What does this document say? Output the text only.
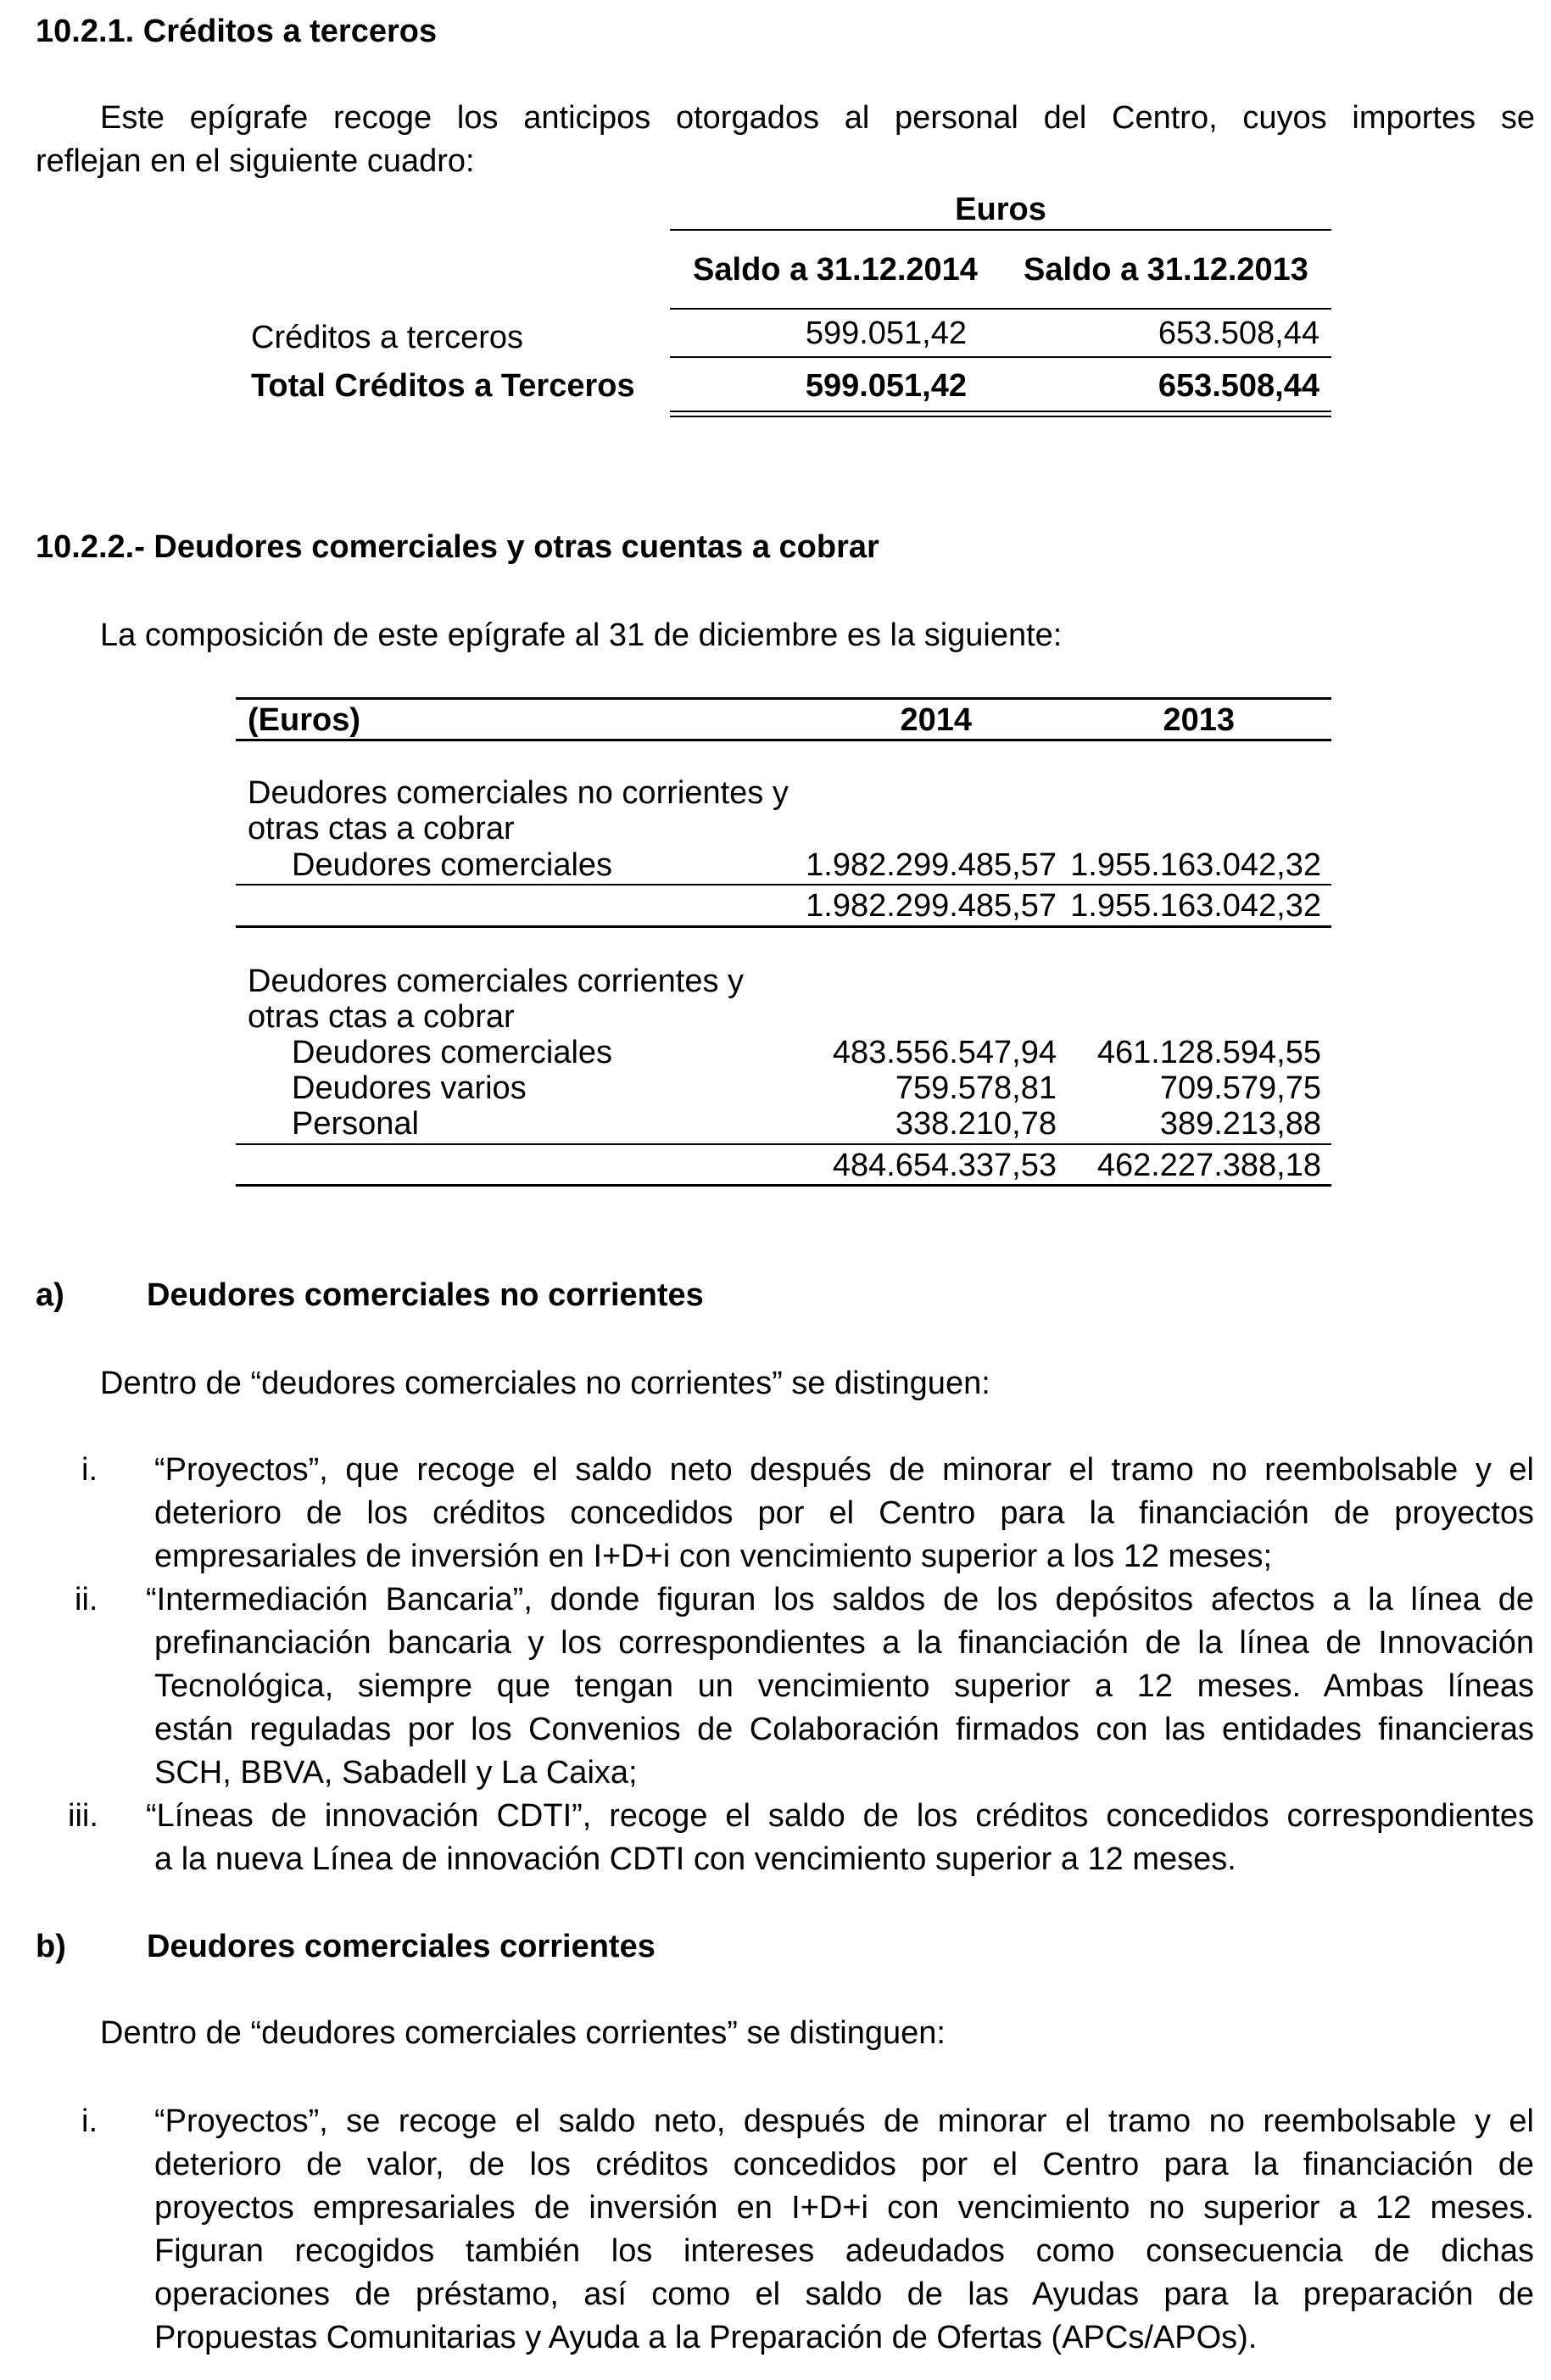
10.2.1. Créditos a terceros
Este epígrafe recoge los anticipos otorgados al personal del Centro, cuyos importes se
reflejan en el siguiente cuadro:
Euros
Saldo a 31.12.2014	Saldo a 31.12.2013
Créditos a terceros	599.051,42	653.508,44
Total Créditos a Terceros	599.051,42	653.508,44
10.2.2.- Deudores comerciales y otras cuentas a cobrar
La composición de este epígrafe al 31 de diciembre es la siguiente:
(Euros)	2014	2013
Deudores comerciales no corrientes y
otras ctas a cobrar
Deudores comerciales	1.982.299.485,57 1.955.163.042,32
1.982.299.485,57 1.955.163.042,32
Deudores comerciales corrientes y
otras ctas a cobrar
Deudores comerciales	483.556.547,94	461.128.594,55
Deudores varios	759.578,81	709.579,75
Personal	338.210,78	389.213,88
484.654.337,53	462.227.388,18
a)	Deudores comerciales no corrientes
Dentro de “deudores comerciales no corrientes” se distinguen:
i. “Proyectos”, que recoge el saldo neto después de minorar el tramo no reembolsable y el
deterioro de los créditos concedidos por el Centro para la financiación de proyectos
empresariales de inversión en I+D+i con vencimiento superior a los 12 meses;
ii. “Intermediación Bancaria”, donde figuran los saldos de los depósitos afectos a la línea de
prefinanciación bancaria y los correspondientes a la financiación de la línea de Innovación
Tecnológica, siempre que tengan un vencimiento superior a 12 meses. Ambas líneas
están reguladas por los Convenios de Colaboración firmados con las entidades financieras
SCH, BBVA, Sabadell y La Caixa;
iii. “Líneas de innovación CDTI”, recoge el saldo de los créditos concedidos correspondientes
a la nueva Línea de innovación CDTI con vencimiento superior a 12 meses.
b)	Deudores comerciales corrientes
Dentro de “deudores comerciales corrientes” se distinguen:
i. “Proyectos”, se recoge el saldo neto, después de minorar el tramo no reembolsable y el
deterioro de valor, de los créditos concedidos por el Centro para la financiación de
proyectos empresariales de inversión en I+D+i con vencimiento no superior a 12 meses.
Figuran recogidos también los intereses adeudados como consecuencia de dichas
operaciones de préstamo, así como el saldo de las Ayudas para la preparación de
Propuestas Comunitarias y Ayuda a la Preparación de Ofertas (APCs/APOs).
